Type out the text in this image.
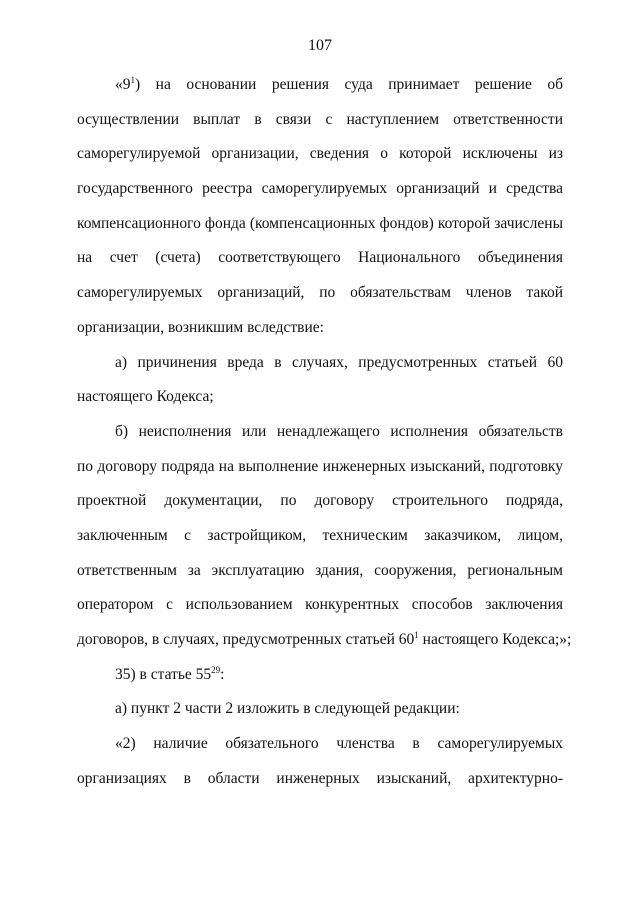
107
«$9^1$) на основании решения суда принимает решение об
осуществлении выплат в связи с наступлением ответственности
саморегулируемой организации, сведения о которой исключены из
государственного реестра саморегулируемых организаций и средства
компенсационного фонда (компенсационных фондов) которой зачислены
на счет (счета) соответствующего Национального объединения
саморегулируемых организаций, по обязательствам членов такой
организации, возникшим вследствие:
а) причинения вреда в случаях, предусмотренных статьей 60
настоящего Кодекса;
б) неисполнения или ненадлежащего исполнения обязательств
по договору подряда на выполнение инженерных изысканий, подготовку
проектной документации, по договору строительного подряда,
заключенным с застройщиком, техническим заказчиком, лицом,
ответственным за эксплуатацию здания, сооружения, региональным
оператором с использованием конкурентных способов заключения
договоров, в случаях, предусмотренных статьей $60^1$ настоящего Кодекса;»;
35) в статье $55^{29}$:
а) пункт 2 части 2 изложить в следующей редакции:
«2) наличие обязательного членства в саморегулируемых
организациях в области инженерных изысканий, архитектурно-
